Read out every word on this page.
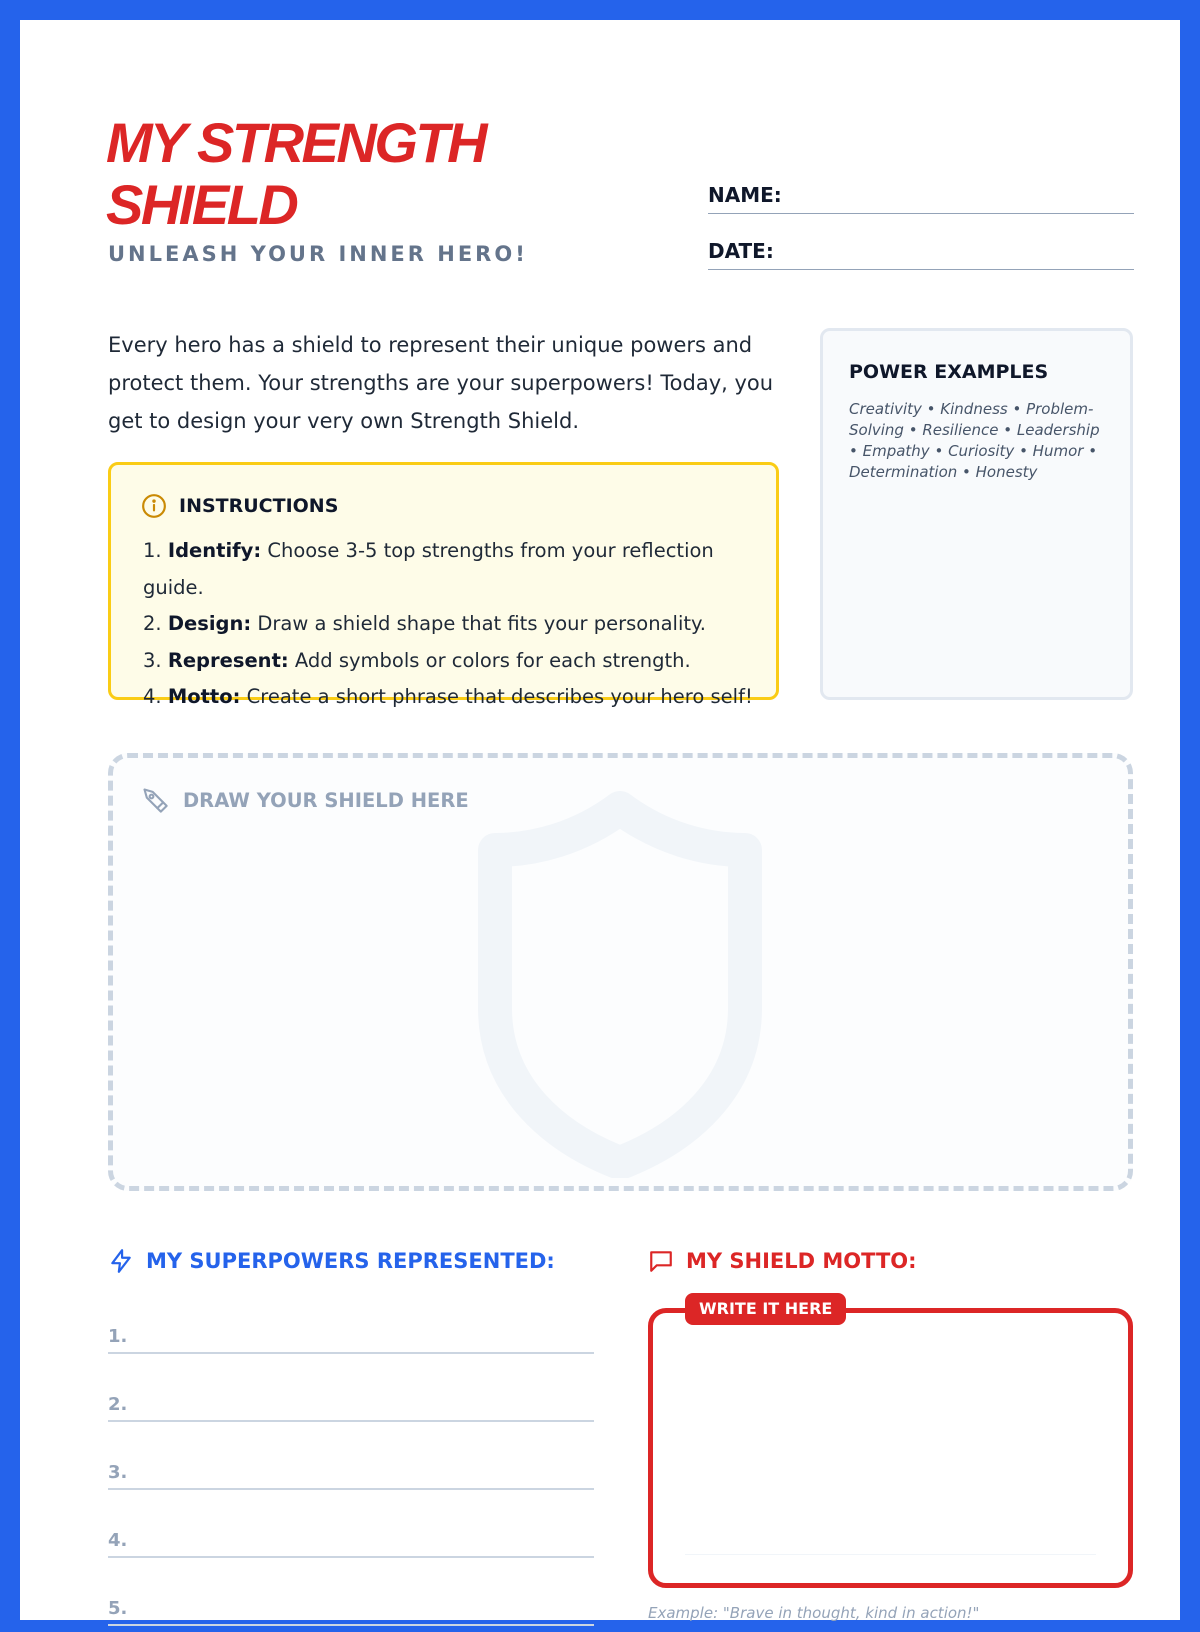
MY STRENGTH SHIELD
UNLEASH YOUR INNER HERO!
NAME:
DATE:

Every hero has a shield to represent their unique powers and protect them. Your strengths are your superpowers! Today, you get to design your very own Strength Shield.

INSTRUCTIONS
1. Identify: Choose 3-5 top strengths from your reflection guide.
2. Design: Draw a shield shape that fits your personality.
3. Represent: Add symbols or colors for each strength.
4. Motto: Create a short phrase that describes your hero self!
POWER EXAMPLES
Creativity • Kindness • Problem-Solving • Resilience • Leadership • Empathy • Curiosity • Humor • Determination • Honesty
DRAW YOUR SHIELD HERE
MY SUPERPOWERS REPRESENTED:
1.
2.
3.
4.
5.
MY SHIELD MOTTO:
WRITE IT HERE
Example: "Brave in thought, kind in action!"
